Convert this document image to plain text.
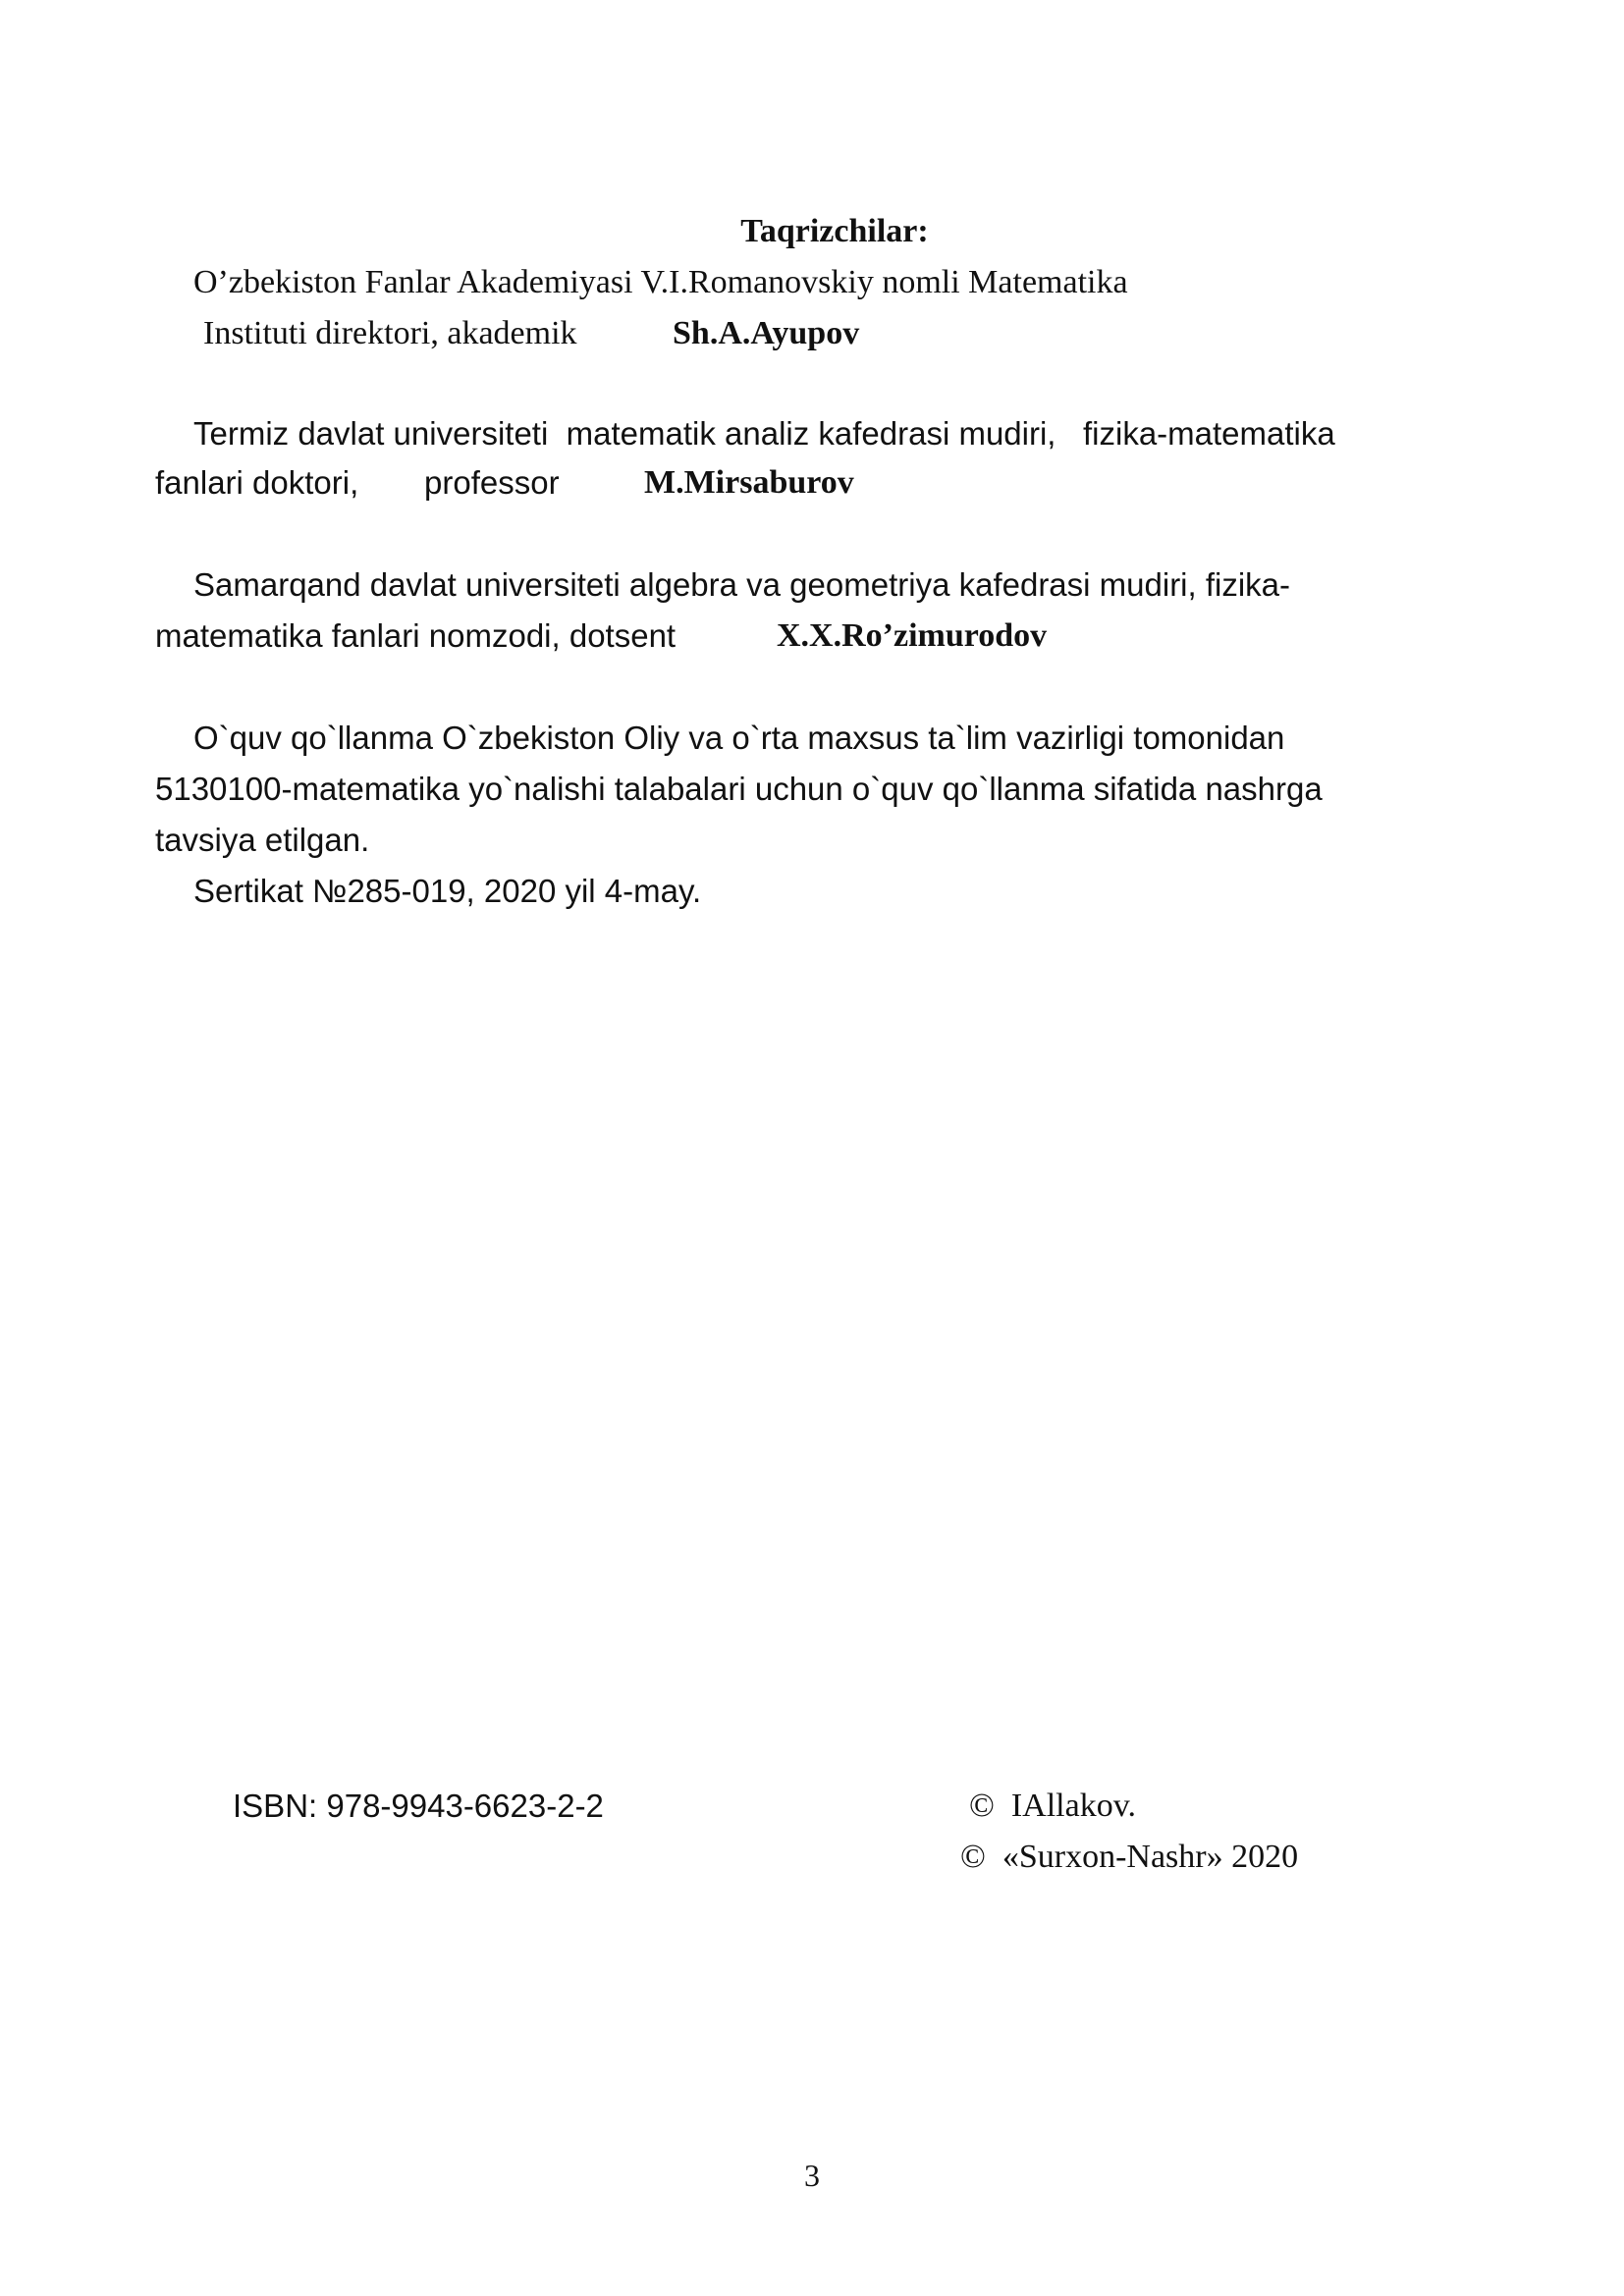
Taqrizchilar:
O’zbekiston Fanlar Akademiyasi V.I.Romanovskiy nomli Matematika
Instituti direktori, akademik	Sh.A.Ayupov
Termiz davlat universiteti  matematik analiz kafedrasi mudiri,   fizika-matematika
fanlari doktori, professor	M.Mirsaburov
Samarqand davlat universiteti algebra va geometriya kafedrasi mudiri, fizika-
matematika fanlari nomzodi, dotsent	X.X.Ro’zimurodov
O`quv qo`llanma O`zbekiston Oliy va o`rta maxsus ta`lim vazirligi tomonidan
5130100-matematika yo`nalishi talabalari uchun o`quv qo`llanma sifatida nashrga
tavsiya etilgan.
Sertikat №285-019, 2020 yil 4-may.
ISBN: 978-9943-6623-2-2	©  IAllakov.
©  «Surxon-Nashr» 2020
3
